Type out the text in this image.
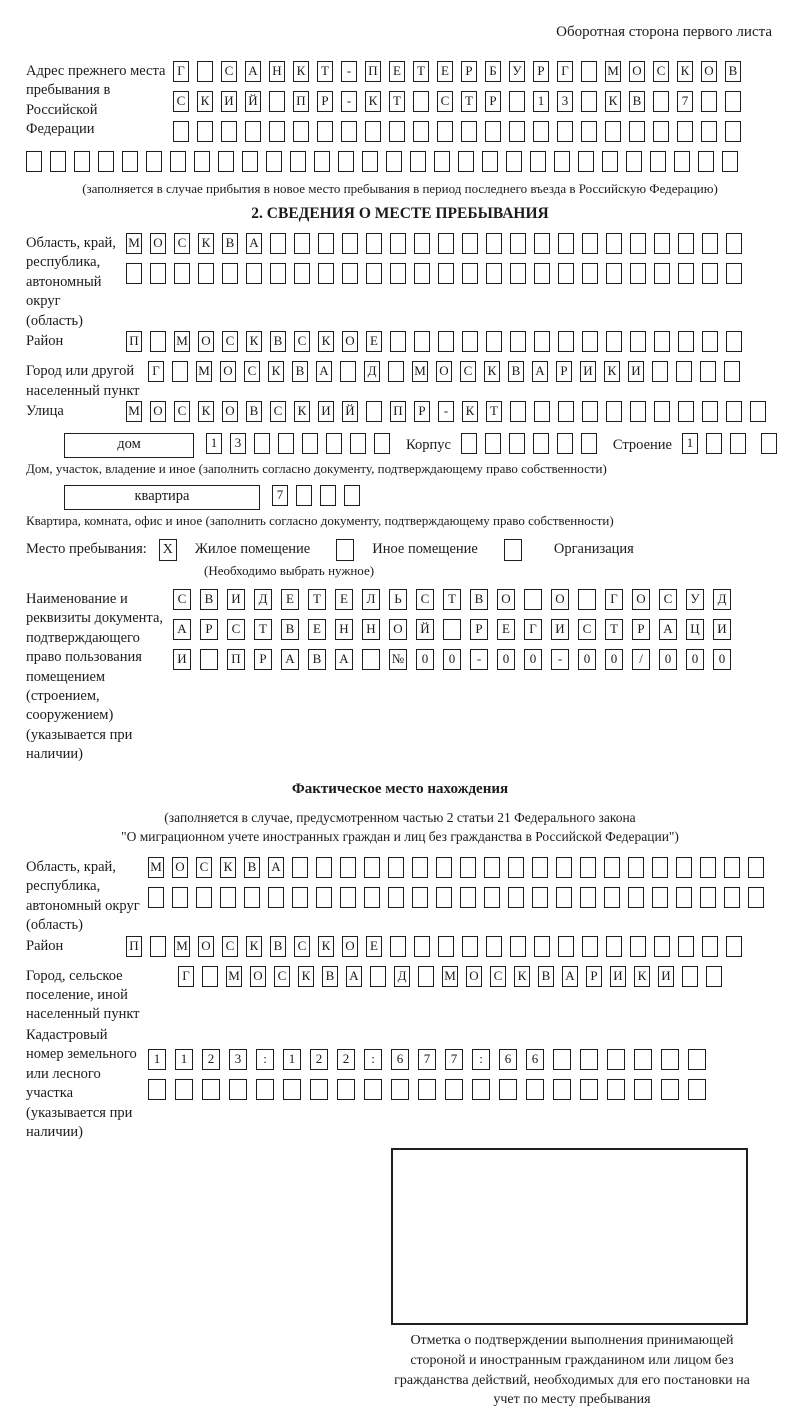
Оборотная сторона первого листа
Адрес прежнего места пребывания в Российской Федерации
Г	С А Н К Т - П Е Т Е Р Б У Р Г	М О С К О В
С К И Й	П Р - К Т	С Т Р	1 3	К В	7
(заполняется в случае прибытия в новое место пребывания в период последнего въезда в Российскую Федерацию)
2. СВЕДЕНИЯ О МЕСТЕ ПРЕБЫВАНИЯ
Область, край, республика, автономный округ (область)
М О С К В А
Район	П	М О С К В С К О Е
Город или другой населенный пункт
Г	М О С К В А	Д	М О С К В А Р И К И
Улица	М О С К О В С К И Й	П Р - К Т
дом	1 3	Корпус	Строение	1
Дом, участок, владение и иное (заполнить согласно документу, подтверждающему право собственности)
квартира	7
Квартира, комната, офис и иное (заполнить согласно документу, подтверждающему право собственности)
Место пребывания: X	Жилое помещение	Иное помещение	Организация
(Необходимо выбрать нужное)
Наименование и реквизиты документа, подтверждающего право пользования помещением (строением, сооружением) (указывается при наличии)
С В И Д Е Т Е Л Ь С Т В О	О	Г О С У Д
А Р С Т В Е Н Н О Й	Р Е Г И С Т Р А Ц И
И	П Р А В А	№ 0 0 - 0 0 - 0 0 / 0 0 0
Фактическое место нахождения
(заполняется в случае, предусмотренном частью 2 статьи 21 Федерального закона
"О миграционном учете иностранных граждан и лиц без гражданства в Российской Федерации")
Область, край, республика, автономный округ (область)
М О С К В А
Район	П	М О С К В С К О Е
Город, сельское поселение, иной населенный пункт
Г	М О С К В А	Д	М О С К В А Р И К И
Кадастровый номер земельного или лесного участка (указывается при наличии)
1 1 2 3 : 1 2 2 : 6 7 7 : 6 6
Отметка о подтверждении выполнения принимающей стороной и иностранным гражданином или лицом без гражданства действий, необходимых для его постановки на учет по месту пребывания
